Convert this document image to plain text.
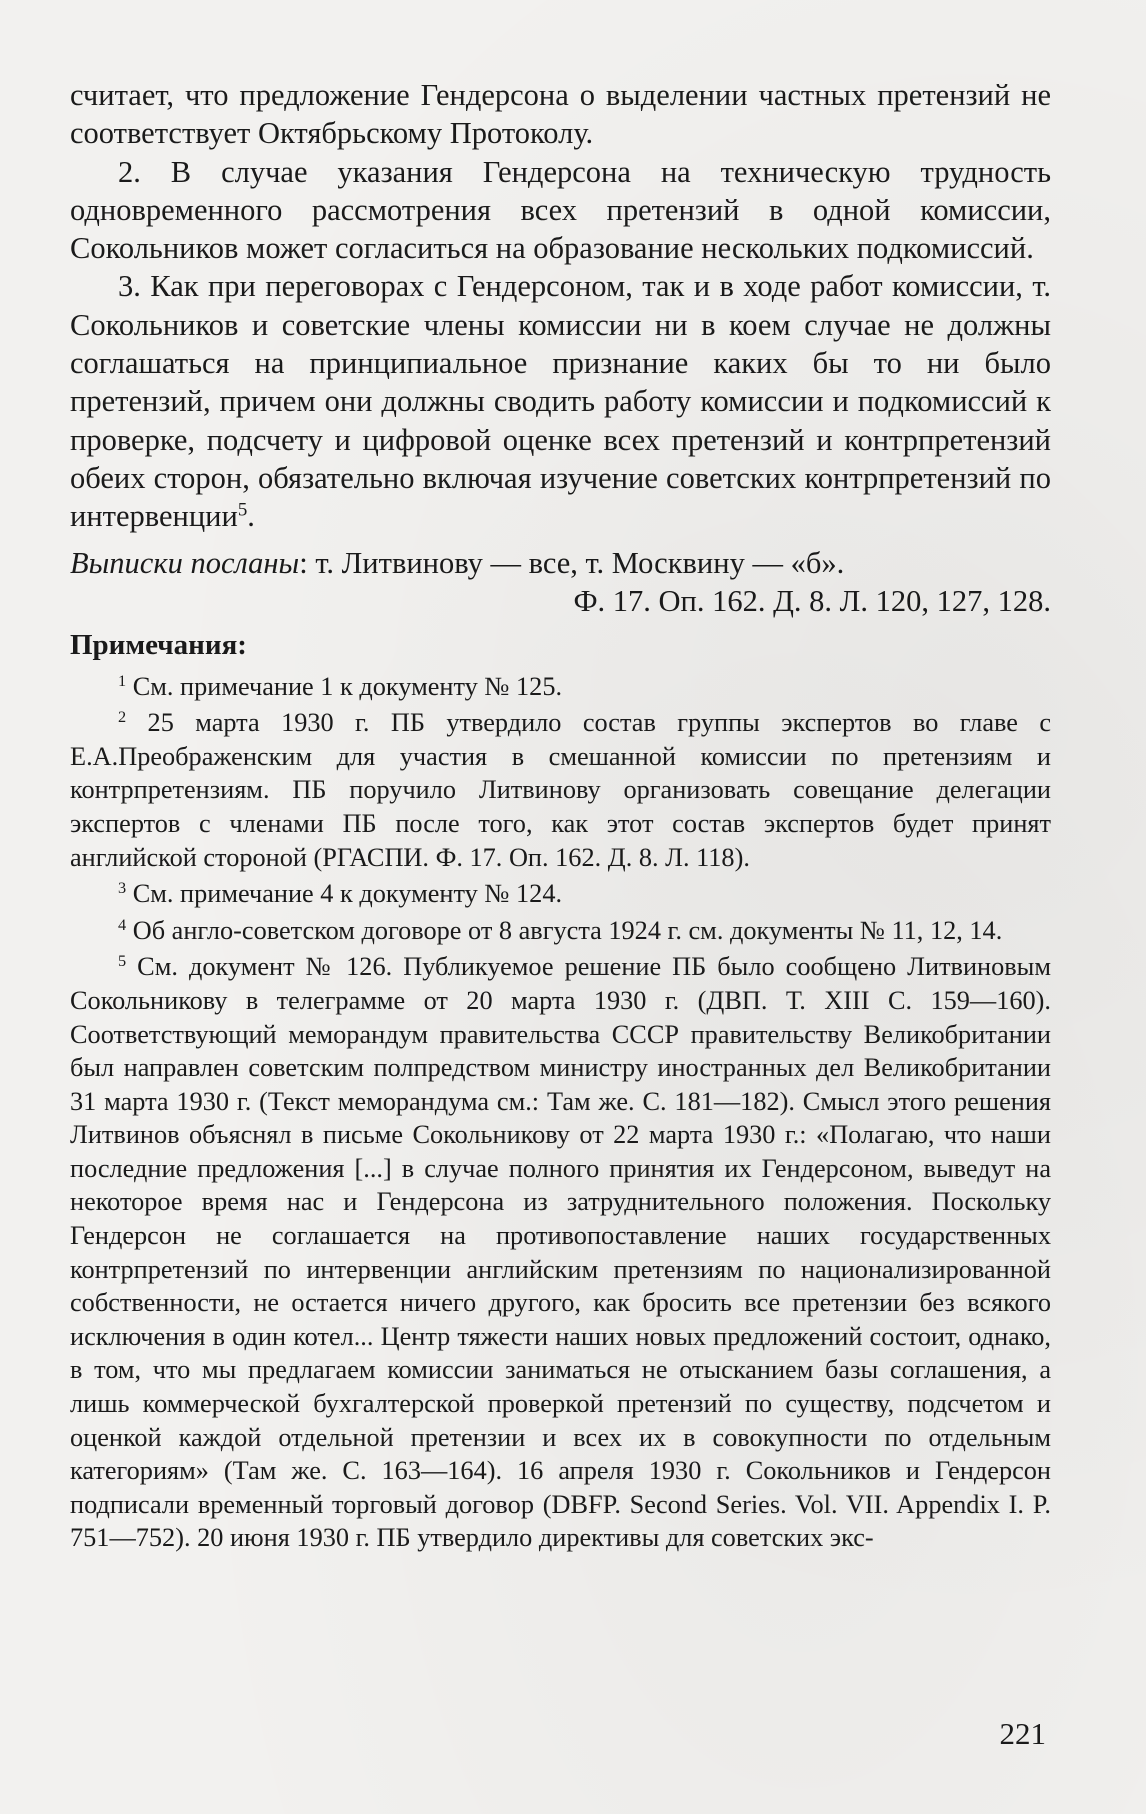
считает, что предложение Гендерсона о выделении частных претензий не соответствует Октябрьскому Протоколу.

2. В случае указания Гендерсона на техническую трудность одновременного рассмотрения всех претензий в одной комиссии, Сокольников может согласиться на образование нескольких подкомиссий.

3. Как при переговорах с Гендерсоном, так и в ходе работ комиссии, т. Сокольников и советские члены комиссии ни в коем случае не должны соглашаться на принципиальное признание каких бы то ни было претензий, причем они должны сводить работу комиссии и подкомиссий к проверке, подсчету и цифровой оценке всех претензий и контрпретензий обеих сторон, обязательно включая изучение советских контрпретензий по интервенции$^5$.

Выписки посланы: т. Литвинову — все, т. Москвину — «б».

Ф. 17. Оп. 162. Д. 8. Л. 120, 127, 128.

Примечания:

$^1$ См. примечание 1 к документу № 125.

$^2$ 25 марта 1930 г. ПБ утвердило состав группы экспертов во главе с Е.А.Преображенским для участия в смешанной комиссии по претензиям и контрпретензиям. ПБ поручило Литвинову организовать совещание делегации экспертов с членами ПБ после того, как этот состав экспертов будет принят английской стороной (РГАСПИ. Ф. 17. Оп. 162. Д. 8. Л. 118).

$^3$ См. примечание 4 к документу № 124.

$^4$ Об англо-советском договоре от 8 августа 1924 г. см. документы № 11, 12, 14.

$^5$ См. документ № 126. Публикуемое решение ПБ было сообщено Литвиновым Сокольникову в телеграмме от 20 марта 1930 г. (ДВП. Т. XIII С. 159—160). Соответствующий меморандум правительства СССР правительству Великобритании был направлен советским полпредством министру иностранных дел Великобритании 31 марта 1930 г. (Текст меморандума см.: Там же. С. 181—182). Смысл этого решения Литвинов объяснял в письме Сокольникову от 22 марта 1930 г.: «Полагаю, что наши последние предложения [...] в случае полного принятия их Гендерсоном, выведут на некоторое время нас и Гендерсона из затруднительного положения. Поскольку Гендерсон не соглашается на противопоставление наших государственных контрпретензий по интервенции английским претензиям по национализированной собственности, не остается ничего другого, как бросить все претензии без всякого исключения в один котел... Центр тяжести наших новых предложений состоит, однако, в том, что мы предлагаем комиссии заниматься не отысканием базы соглашения, а лишь коммерческой бухгалтерской проверкой претензий по существу, подсчетом и оценкой каждой отдельной претензии и всех их в совокупности по отдельным категориям» (Там же. С. 163—164). 16 апреля 1930 г. Сокольников и Гендерсон подписали временный торговый договор (DBFP. Second Series. Vol. VII. Appendix I. P. 751—752). 20 июня 1930 г. ПБ утвердило директивы для советских экс-

221
